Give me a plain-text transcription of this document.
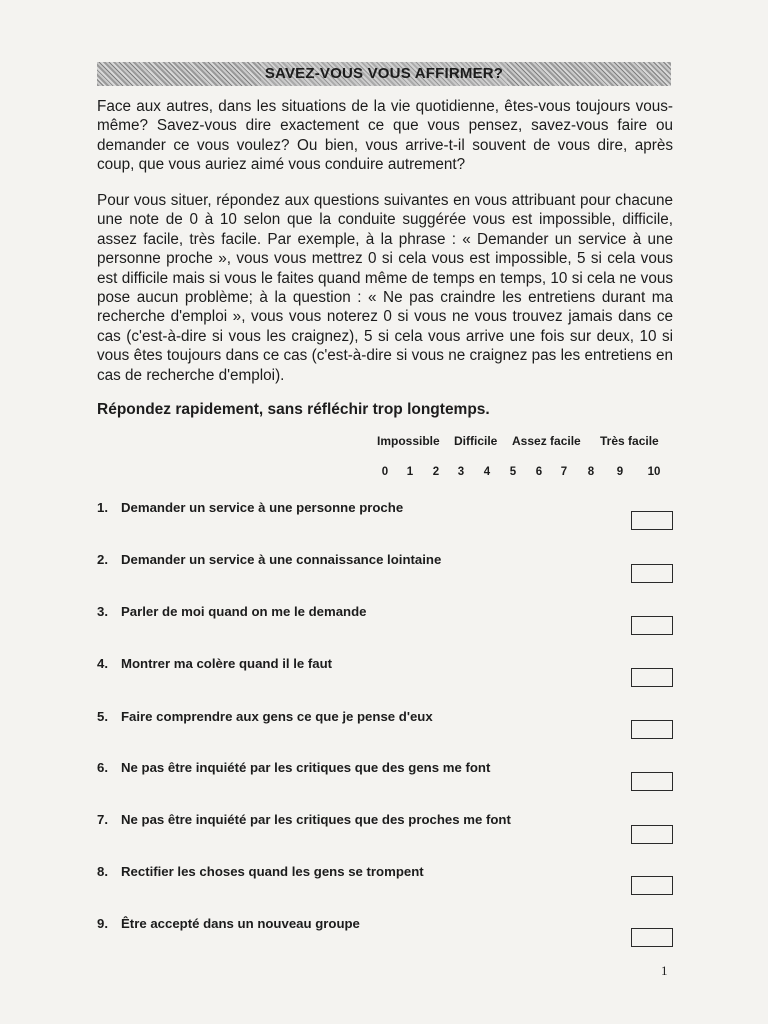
SAVEZ-VOUS VOUS AFFIRMER?

Face aux autres, dans les situations de la vie quotidienne, êtes-vous toujours vous-même? Savez-vous dire exactement ce que vous pensez, savez-vous faire ou demander ce vous voulez? Ou bien, vous arrive-t-il souvent de vous dire, après coup, que vous auriez aimé vous conduire autrement?

Pour vous situer, répondez aux questions suivantes en vous attribuant pour chacune une note de 0 à 10 selon que la conduite suggérée vous est impossible, difficile, assez facile, très facile. Par exemple, à la phrase : « Demander un service à une personne proche », vous vous mettrez 0 si cela vous est impossible, 5 si cela vous est difficile mais si vous le faites quand même de temps en temps, 10 si cela ne vous pose aucun problème; à la question : « Ne pas craindre les entretiens durant ma recherche d'emploi », vous vous noterez 0 si vous ne vous trouvez jamais dans ce cas (c'est-à-dire si vous les craignez), 5 si cela vous arrive une fois sur deux, 10 si vous êtes toujours dans ce cas (c'est-à-dire si vous ne craignez pas les entretiens en cas de recherche d'emploi).

Répondez rapidement, sans réfléchir trop longtemps.

Impossible Difficile Assez facile Très facile
0	1	2	3	4	5	6	7	8	9	10
1. Demander un service à une personne proche
2. Demander un service à une connaissance lointaine
3. Parler de moi quand on me le demande
4. Montrer ma colère quand il le faut
5. Faire comprendre aux gens ce que je pense d'eux
6. Ne pas être inquiété par les critiques que des gens me font
7. Ne pas être inquiété par les critiques que des proches me font
8. Rectifier les choses quand les gens se trompent
9. Être accepté dans un nouveau groupe
1
